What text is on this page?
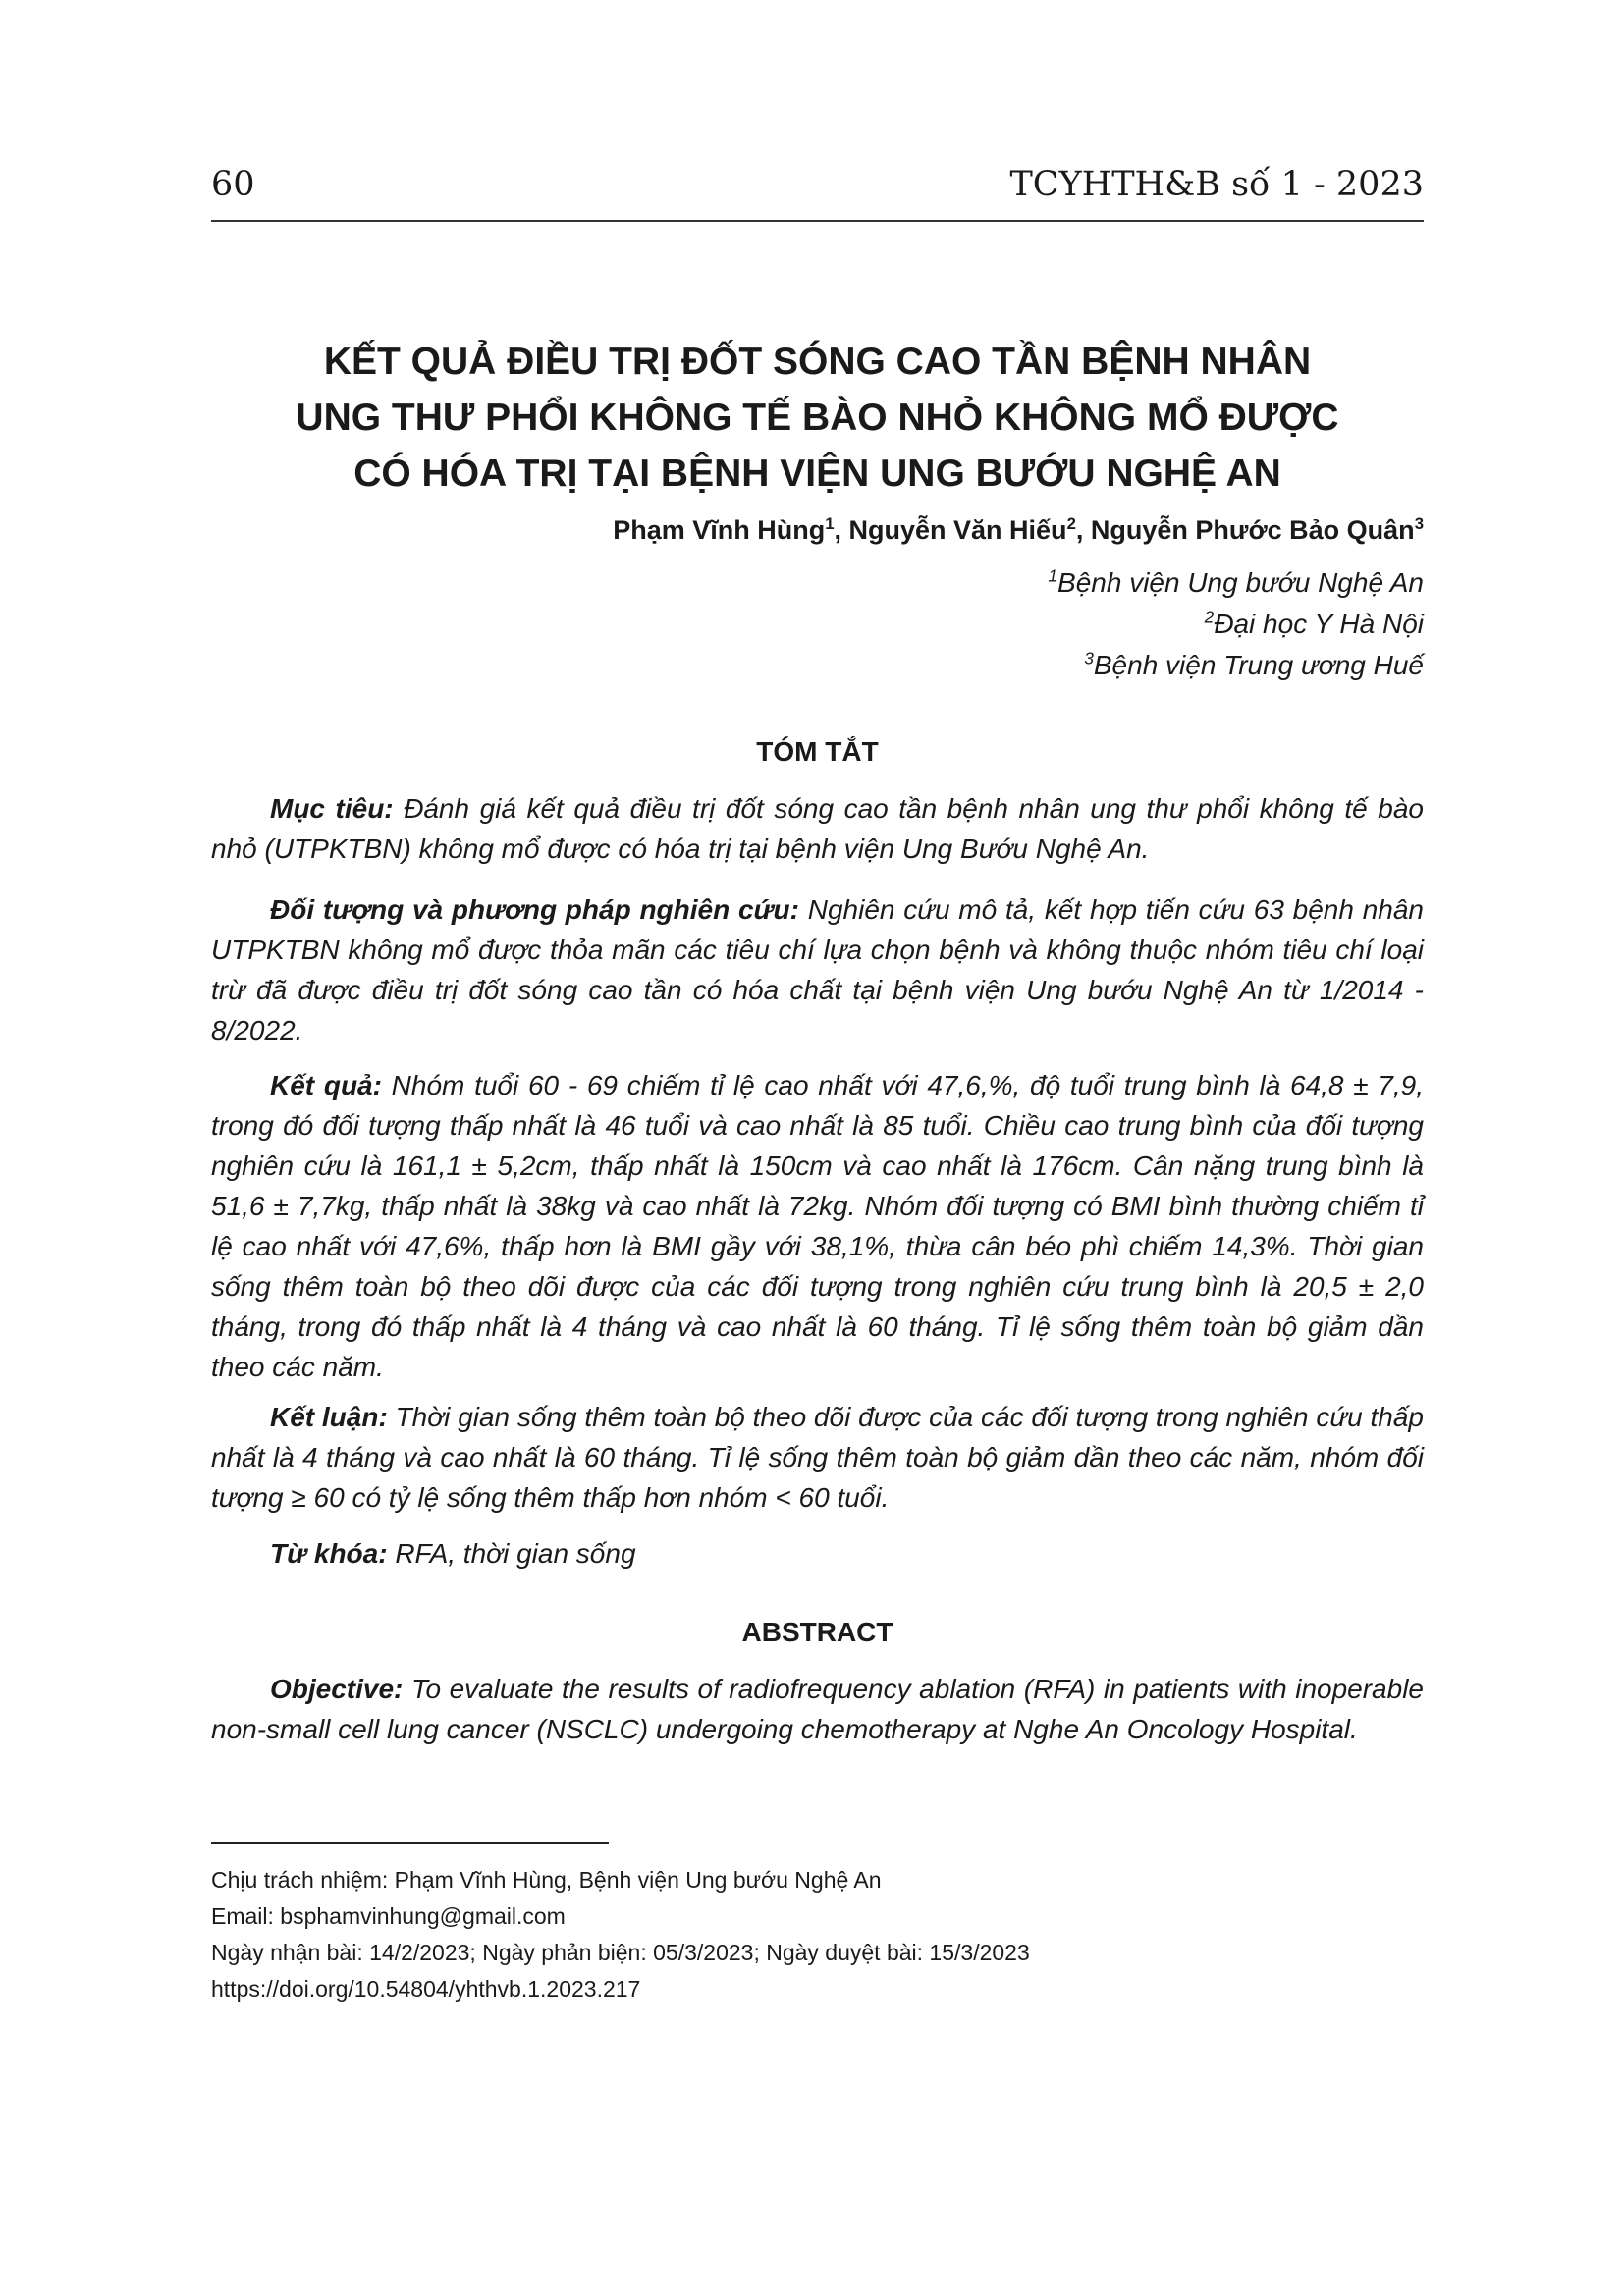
60	TCYHTH&B số 1 - 2023
KẾT QUẢ ĐIỀU TRỊ ĐỐT SÓNG CAO TẦN BỆNH NHÂN
UNG THƯ PHỔI KHÔNG TẾ BÀO NHỎ KHÔNG MỔ ĐƯỢC
CÓ HÓA TRỊ TẠI BỆNH VIỆN UNG BƯỚU NGHỆ AN
Phạm Vĩnh Hùng$^1$, Nguyễn Văn Hiếu$^2$, Nguyễn Phước Bảo Quân$^3$
$^1$Bệnh viện Ung bướu Nghệ An
$^2$Đại học Y Hà Nội
$^3$Bệnh viện Trung ương Huế
TÓM TẮT

Mục tiêu: Đánh giá kết quả điều trị đốt sóng cao tần bệnh nhân ung thư phổi không tế bào nhỏ (UTPKTBN) không mổ được có hóa trị tại bệnh viện Ung Bướu Nghệ An.

Đối tượng và phương pháp nghiên cứu: Nghiên cứu mô tả, kết hợp tiến cứu 63 bệnh nhân UTPKTBN không mổ được thỏa mãn các tiêu chí lựa chọn bệnh và không thuộc nhóm tiêu chí loại trừ đã được điều trị đốt sóng cao tần có hóa chất tại bệnh viện Ung bướu Nghệ An từ 1/2014 - 8/2022.

Kết quả: Nhóm tuổi 60 - 69 chiếm tỉ lệ cao nhất với 47,6,%, độ tuổi trung bình là 64,8 ± 7,9, trong đó đối tượng thấp nhất là 46 tuổi và cao nhất là 85 tuổi. Chiều cao trung bình của đối tượng nghiên cứu là 161,1 ± 5,2cm, thấp nhất là 150cm và cao nhất là 176cm. Cân nặng trung bình là 51,6 ± 7,7kg, thấp nhất là 38kg và cao nhất là 72kg. Nhóm đối tượng có BMI bình thường chiếm tỉ lệ cao nhất với 47,6%, thấp hơn là BMI gầy với 38,1%, thừa cân béo phì chiếm 14,3%. Thời gian sống thêm toàn bộ theo dõi được của các đối tượng trong nghiên cứu trung bình là 20,5 ± 2,0 tháng, trong đó thấp nhất là 4 tháng và cao nhất là 60 tháng. Tỉ lệ sống thêm toàn bộ giảm dần theo các năm.

Kết luận: Thời gian sống thêm toàn bộ theo dõi được của các đối tượng trong nghiên cứu thấp nhất là 4 tháng và cao nhất là 60 tháng. Tỉ lệ sống thêm toàn bộ giảm dần theo các năm, nhóm đối tượng ≥ 60 có tỷ lệ sống thêm thấp hơn nhóm < 60 tuổi.

Từ khóa: RFA, thời gian sống

ABSTRACT

Objective: To evaluate the results of radiofrequency ablation (RFA) in patients with inoperable non-small cell lung cancer (NSCLC) undergoing chemotherapy at Nghe An Oncology Hospital.

Chịu trách nhiệm: Phạm Vĩnh Hùng, Bệnh viện Ung bướu Nghệ An
Email: bsphamvinhung@gmail.com
Ngày nhận bài: 14/2/2023; Ngày phản biện: 05/3/2023; Ngày duyệt bài: 15/3/2023
https://doi.org/10.54804/yhthvb.1.2023.217
